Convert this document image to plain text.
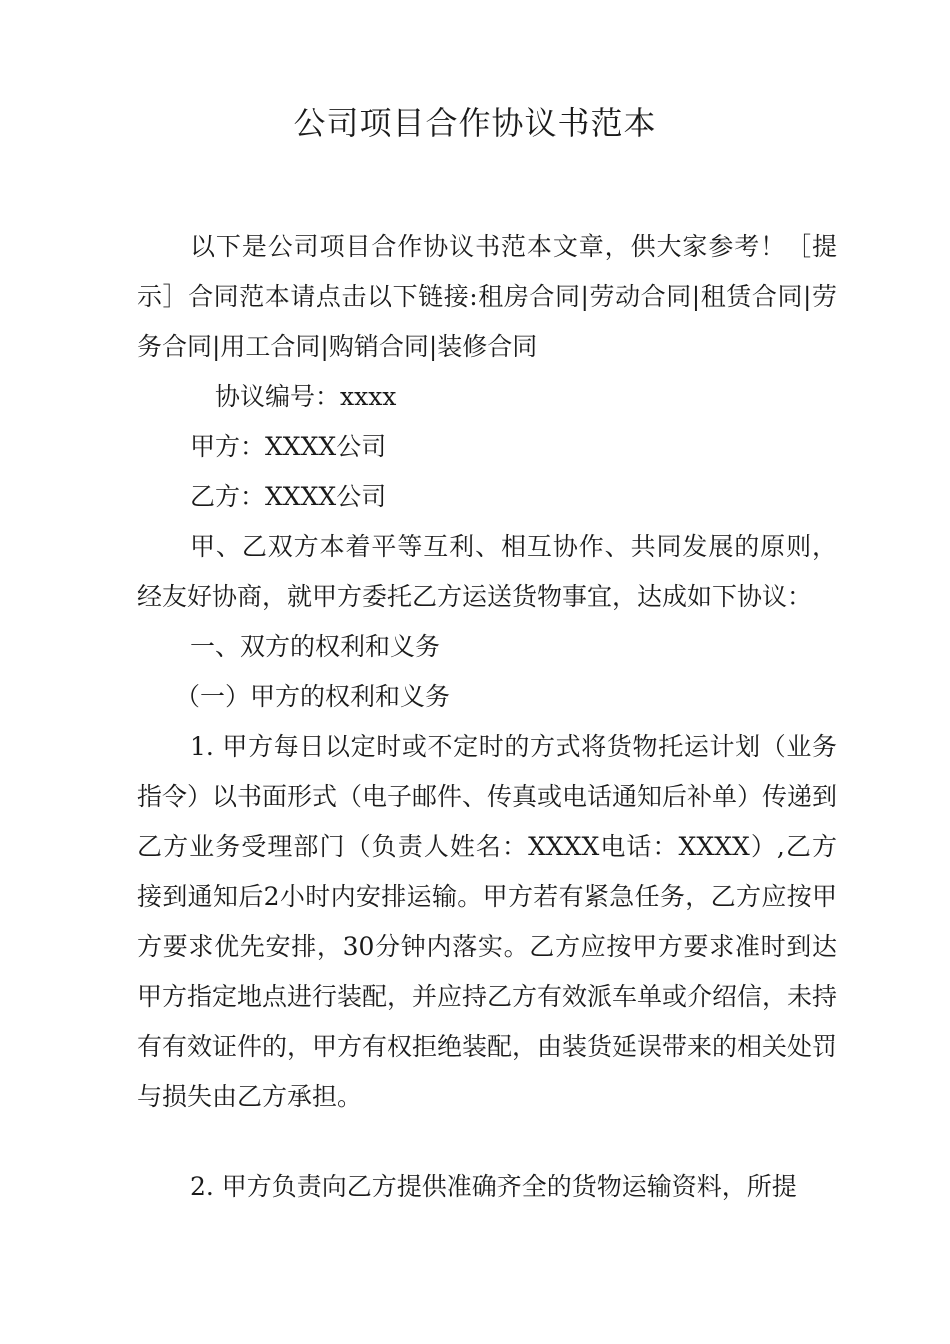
公司项目合作协议书范本

以下是公司项目合作协议书范本文章，供大家参考！［提示］合同范本请点击以下链接:租房合同|劳动合同|租赁合同|劳务合同|用工合同|购销合同|装修合同

协议编号：xxxx

甲方：XXXX公司

乙方：XXXX公司

甲、乙双方本着平等互利、相互协作、共同发展的原则，经友好协商，就甲方委托乙方运送货物事宜，达成如下协议：

一、双方的权利和义务

（一）甲方的权利和义务

1. 甲方每日以定时或不定时的方式将货物托运计划（业务指令）以书面形式（电子邮件、传真或电话通知后补单）传递到乙方业务受理部门（负责人姓名：XXXX电话：XXXX）,乙方接到通知后2小时内安排运输。甲方若有紧急任务，乙方应按甲方要求优先安排，30分钟内落实。乙方应按甲方要求准时到达甲方指定地点进行装配，并应持乙方有效派车单或介绍信，未持有有效证件的，甲方有权拒绝装配，由装货延误带来的相关处罚与损失由乙方承担。

2. 甲方负责向乙方提供准确齐全的货物运输资料，所提
